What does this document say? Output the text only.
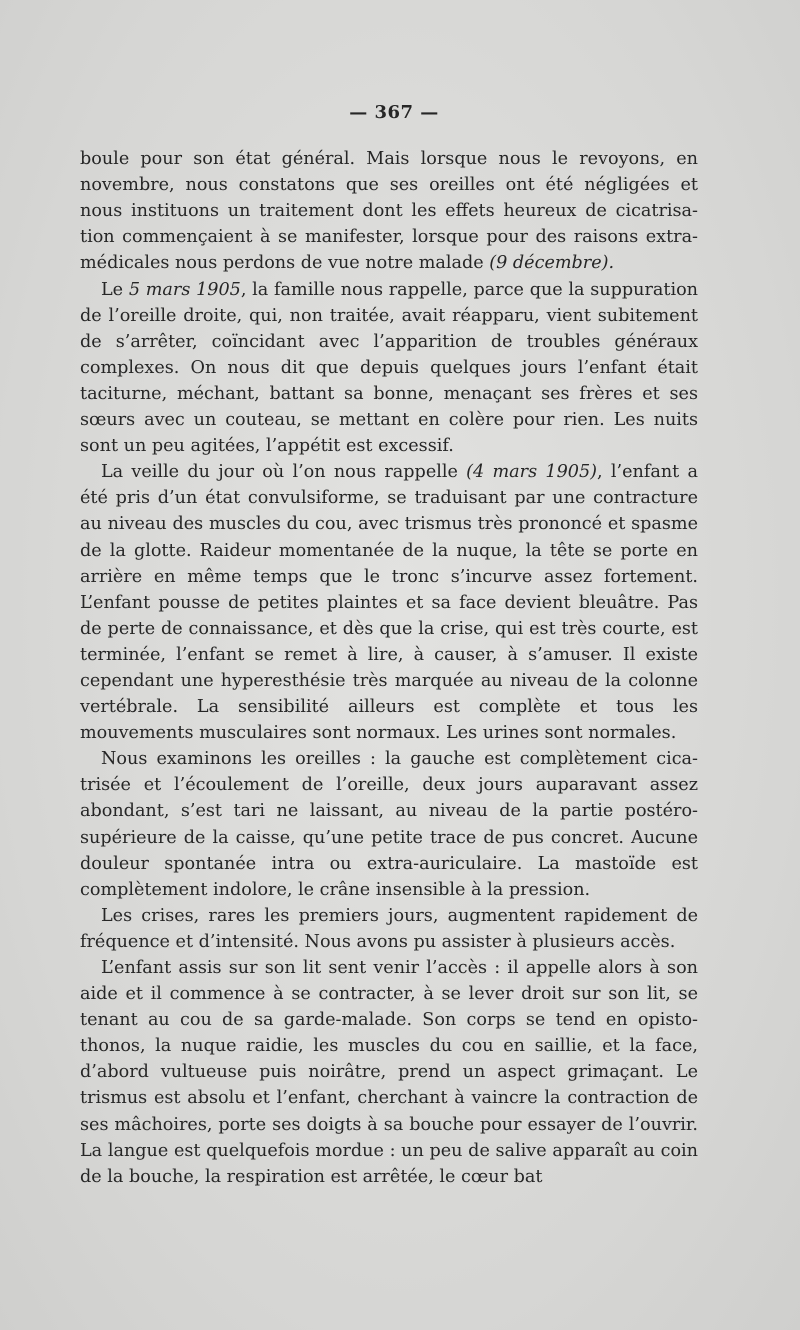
— 367 —

boule pour son état général. Mais lorsque nous le revoyons, en novembre, nous constatons que ses oreilles ont été négligées et nous instituons un traitement dont les effets heureux de cicatrisation commençaient à se manifester, lorsque pour des raisons extra-médicales nous perdons de vue notre malade (9 décembre).

Le 5 mars 1905, la famille nous rappelle, parce que la suppuration de l’oreille droite, qui, non traitée, avait réapparu, vient subitement de s’arrêter, coïncidant avec l’apparition de troubles généraux complexes. On nous dit que depuis quelques jours l’enfant était taciturne, méchant, battant sa bonne, menaçant ses frères et ses sœurs avec un couteau, se mettant en colère pour rien. Les nuits sont un peu agitées, l’appétit est excessif.

La veille du jour où l’on nous rappelle (4 mars 1905), l’enfant a été pris d’un état convulsiforme, se traduisant par une contracture au niveau des muscles du cou, avec trismus très prononcé et spasme de la glotte. Raideur momentanée de la nuque, la tête se porte en arrière en même temps que le tronc s’incurve assez fortement. L’enfant pousse de petites plaintes et sa face devient bleuâtre. Pas de perte de connaissance, et dès que la crise, qui est très courte, est terminée, l’enfant se remet à lire, à causer, à s’amuser. Il existe cependant une hyperesthésie très marquée au niveau de la colonne vertébrale. La sensibilité ailleurs est complète et tous les mouvements musculaires sont normaux. Les urines sont normales.

Nous examinons les oreilles : la gauche est complètement cicatrisée et l’écoulement de l’oreille, deux jours auparavant assez abondant, s’est tari ne laissant, au niveau de la partie postéro-supérieure de la caisse, qu’une petite trace de pus concret. Aucune douleur spontanée intra ou extra-auriculaire. La mastoïde est complètement indolore, le crâne insensible à la pression.

Les crises, rares les premiers jours, augmentent rapidement de fréquence et d’intensité. Nous avons pu assister à plusieurs accès.

L’enfant assis sur son lit sent venir l’accès : il appelle alors à son aide et il commence à se contracter, à se lever droit sur son lit, se tenant au cou de sa garde-malade. Son corps se tend en opistothonos, la nuque raidie, les muscles du cou en saillie, et la face, d’abord vultueuse puis noirâtre, prend un aspect grimaçant. Le trismus est absolu et l’enfant, cherchant à vaincre la contraction de ses mâchoires, porte ses doigts à sa bouche pour essayer de l’ouvrir. La langue est quelquefois mordue : un peu de salive apparaît au coin de la bouche, la respiration est arrêtée, le cœur bat
